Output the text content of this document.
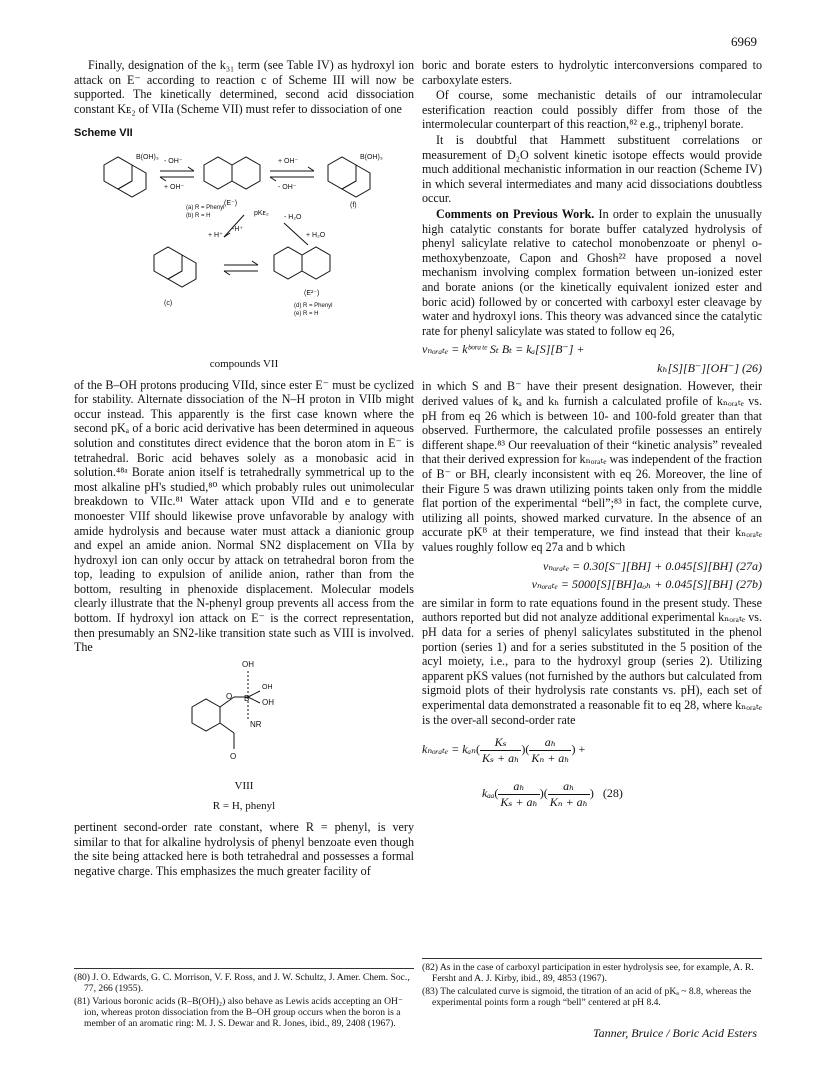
6969

Finally, designation of the k₃₁ term (see Table IV) as hydroxyl ion attack on E⁻ according to reaction c of Scheme III will now be supported. The kinetically determined, second acid dissociation constant Kᴇ₂ of VIIa (Scheme VII) must refer to dissociation of one

Scheme VII
- OH⁻
+ OH⁻
+ OH⁻
- OH⁻
B(OH)₃	B(OH)₃
(E⁻)
pKᴇ₂
(a) R = Phenyl
(b) R = H
(f)
-H⁺
+ H⁺
- H₂O
+ H₂O
(c)
(E²⁻)
(d) R = Phenyl
(e) R = H
compounds VII

of the B–OH protons producing VIId, since ester E⁻ must be cyclized for stability. Alternate dissociation of the N–H proton in VIIb might occur instead. This apparently is the first case known where the second pKₐ of a boric acid derivative has been determined in aqueous solution and constitutes direct evidence that the boron atom in E⁻ is tetrahedral. Boric acid behaves solely as a monobasic acid in solution.⁴⁸ᵃ Borate anion itself is tetrahedrally symmetrical up to the most alkaline pH's studied,⁸⁰ which probably rules out unimolecular breakdown to VIIc.⁸¹ Water attack upon VIId and e to generate monoester VIIf should likewise prove unfavorable by analogy with amide hydrolysis and because water must attack a dianionic group and expel an amide anion. Normal SN2 displacement on VIIa by hydroxyl ion can only occur by attack on tetrahedral boron from the top, leading to expulsion of anilide anion, rather than from the bottom, resulting in phenoxide displacement. Molecular models clearly illustrate that the N-phenyl group prevents all access from the bottom. If hydroxyl ion attack on E⁻ is the correct representation, then presumably an SN2-like transition state such as VIII is involved. The

OH
OH
OH
NR
O B
O
VIII
R = H, phenyl

pertinent second-order rate constant, where R = phenyl, is very similar to that for alkaline hydrolysis of phenyl benzoate even though the site being attacked here is both tetrahedral and possesses a formal negative charge. This emphasizes the much greater facility of

boric and borate esters to hydrolytic interconversions compared to carboxylate esters.

Of course, some mechanistic details of our intramolecular esterification reaction could possibly differ from those of the intermolecular counterpart of this reaction,⁸² e.g., triphenyl borate.

It is doubtful that Hammett substituent correlations or measurement of D₂O solvent kinetic isotope effects would provide much additional mechanistic information in our reaction (Scheme IV) in which several intermediates and many acid dissociations doubtless occur.

Comments on Previous Work. In order to explain the unusually high catalytic constants for borate buffer catalyzed hydrolysis of phenyl salicylate relative to catechol monobenzoate or phenyl o-methoxybenzoate, Capon and Ghosh²² have proposed a novel mechanism involving complex formation between un-ionized ester and borate anions (or the kinetically equivalent ionized ester and boric acid) followed by or concerted with carboxyl ester cleavage by water and hydroxyl ions. This theory was advanced since the catalytic rate for phenyl salicylate was stated to follow eq 26,

vₙₒᵣₐₜₑ = kᵇᵒʳᵃᵗᵉ Sₜ Bₜ = kₐ[S][B⁻] +
kₕ[S][B⁻][OH⁻] (26)

in which S and B⁻ have their present designation. However, their derived values of kₐ and kₕ furnish a calculated profile of kₙₒᵣₐₜₑ vs. pH from eq 26 which is between 10- and 100-fold greater than that observed. Furthermore, the calculated profile possesses an entirely different shape.⁸³ Our reevaluation of their “kinetic analysis” revealed that their derived expression for kₙₒᵣₐₜₑ was independent of the fraction of B⁻ or BH, clearly inconsistent with eq 26. Moreover, the line of their Figure 5 was drawn utilizing points taken only from the middle flat portion of the experimental “bell”;⁸³ in fact, the complete curve, utilizing all points, showed marked curvature. In the absence of an accurate pKᴮ at their temperature, we find instead that their kₙₒᵣₐₜₑ values roughly follow eq 27a and b which

vₙₒᵣₐₜₑ = 0.30[S⁻][BH] + 0.045[S][BH] (27a)
vₙₒᵣₐₜₑ = 5000[S][BH]aₒₕ + 0.045[S][BH] (27b)

are similar in form to rate equations found in the present study. These authors reported but did not analyze additional experimental kₙₒᵣₐₜₑ vs. pH data for a series of phenyl salicylates substituted in the phenol portion (series 1) and for a series substituted in the 5 position of the acyl moiety, i.e., para to the hydroxyl group (series 2). Utilizing apparent pKS values (not furnished by the authors but calculated from sigmoid plots of their hydrolysis rate constants vs. pH), each set of experimental data demonstrated a reasonable fit to eq 28, where kₙₒᵣₐₜₑ is the over-all second-order rate

kₙₒᵣₐₜₑ = $k_{an}( \frac{\text{Kₛ}}{\text{Kₛ + aₕ}}$ )( $\frac{\text{aₕ}}{\text{Kₙ + aₕ}}$ ) +
$k_{aa}( \frac{\text{aₕ}}{\text{Kₛ + aₕ}}$ )( $\frac{\text{aₕ}}{\text{Kₙ + aₕ}}$ )   (28)
(80) J. O. Edwards, G. C. Morrison, V. F. Ross, and J. W. Schultz, J. Amer. Chem. Soc., 77, 266 (1955).
(81) Various boronic acids (R–B(OH)₂) also behave as Lewis acids accepting an OH⁻ ion, whereas proton dissociation from the B–OH group occurs when the boron is a member of an aromatic ring: M. J. S. Dewar and R. Jones, ibid., 89, 2408 (1967).
(82) As in the case of carboxyl participation in ester hydrolysis see, for example, A. R. Fersht and A. J. Kirby, ibid., 89, 4853 (1967).
(83) The calculated curve is sigmoid, the titration of an acid of pKₐ ~ 8.8, whereas the experimental points form a rough “bell” centered at pH 8.4.
Tanner, Bruice / Boric Acid Esters
